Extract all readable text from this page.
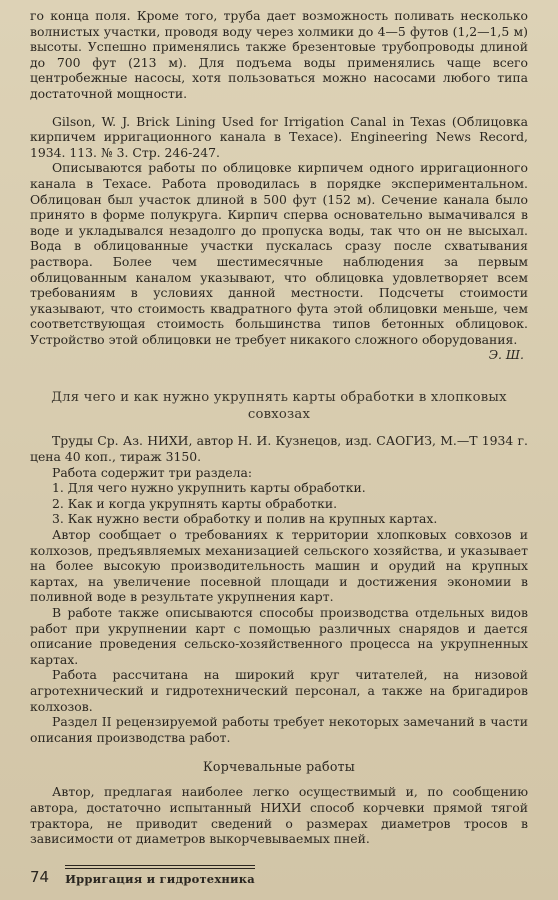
го конца поля. Кроме того, труба дает возможность поливать несколько волнистых участки, проводя воду через холмики до 4—5 футов (1,2—1,5 м) высоты. Успешно применялись также брезентовые трубопроводы длиной до 700 фут (213 м). Для подъема воды применялись чаще всего центробежные насосы, хотя пользоваться можно насосами любого типа достаточной мощности.

Gilson, W. J. Brick Lining Used for Irrigation Canal in Texas (Облицовка кирпичем ирригационного канала в Техасе). Engineering News Record, 1934. 113. № 3. Стр. 246-247.

Описываются работы по облицовке кирпичем одного ирригационного канала в Техасе. Работа проводилась в порядке экспериментальном. Облицован был участок длиной в 500 фут (152 м). Сечение канала было принято в форме полукруга. Кирпич сперва основательно вымачивался в воде и укладывался незадолго до пропуска воды, так что он не высыхал. Вода в облицованные участки пускалась сразу после схватывания раствора. Более чем шестимесячные наблюдения за первым облицованным каналом указывают, что облицовка удовлетворяет всем требованиям в условиях данной местности. Подсчеты стоимости указывают, что стоимость квадратного фута этой облицовки меньше, чем соответствующая стоимость большинства типов бетонных облицовок. Устройство этой облицовки не требует никакого сложного оборудования.

Э. Ш.
Для чего и как нужно укрупнять карты обработки в хлопковых совхозах

Труды Ср. Аз. НИХИ, автор Н. И. Кузнецов, изд. САОГИЗ, М.—Т 1934 г. цена 40 коп., тираж 3150.

Работа содержит три раздела:

1. Для чего нужно укрупнить карты обработки.

2. Как и когда укрупнять карты обработки.

3. Как нужно вести обработку и полив на крупных картах.

Автор сообщает о требованиях к территории хлопковых совхозов и колхозов, предъявляемых механизацией сельского хозяйства, и указывает на более высокую производительность машин и орудий на крупных картах, на увеличение посевной площади и достижения экономии в поливной воде в результате укрупнения карт.

В работе также описываются способы производства отдельных видов работ при укрупнении карт с помощью различных снарядов и дается описание проведения сельско-хозяйственного процесса на укрупненных картах.

Работа рассчитана на широкий круг читателей, на низовой агротехнический и гидротехнический персонал, а также на бригадиров колхозов.

Раздел II рецензируемой работы требует некоторых замечаний в части описания производства работ.

Корчевальные работы

Автор, предлагая наиболее легко осуществимый и, по сообщению автора, достаточно испытанный НИХИ способ корчевки прямой тягой трактора, не приводит сведений о размерах диаметров тросов в зависимости от диаметров выкорчевываемых пней.

74 Ирригация и гидротехника
